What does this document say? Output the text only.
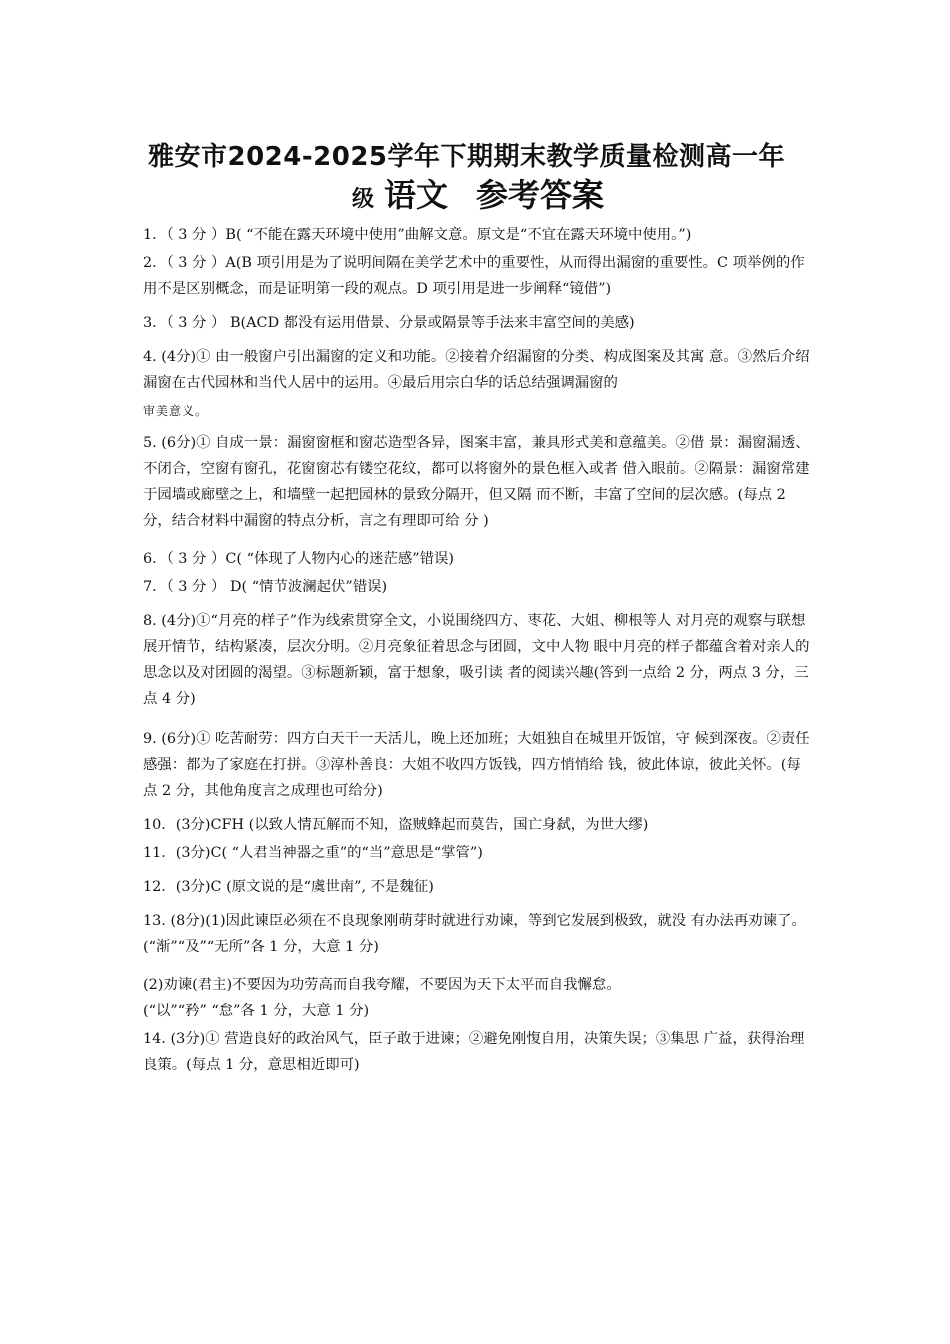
雅安市2024-2025学年下期期末教学质量检测高一年
级 语文 参考答案
1．（ 3 分 ）B( “不能在露天环境中使用”曲解文意。原文是“不宜在露天环境中使用。”)
2．（ 3 分 ）A(B 项引用是为了说明间隔在美学艺术中的重要性，从而得出漏窗的重要性。C 项举例的作用不是区别概念，而是证明第一段的观点。D 项引用是进一步阐释“镜借”)
3．（ 3 分 ） B(ACD 都没有运用借景、分景或隔景等手法来丰富空间的美感)
4. (4分)① 由一般窗户引出漏窗的定义和功能。②接着介绍漏窗的分类、构成图案及其寓 意。③然后介绍漏窗在古代园林和当代人居中的运用。④最后用宗白华的话总结强调漏窗的
审美意义。
5. (6分)① 自成一景：漏窗窗框和窗芯造型各异，图案丰富，兼具形式美和意蕴美。②借 景：漏窗漏透、不闭合，空窗有窗孔，花窗窗芯有镂空花纹，都可以将窗外的景色框入或者 借入眼前。②隔景：漏窗常建于园墙或廊壁之上，和墙壁一起把园林的景致分隔开，但又隔 而不断，丰富了空间的层次感。(每点 2 分，结合材料中漏窗的特点分析，言之有理即可给 分 )
6．（ 3 分 ）C( “体现了人物内心的迷茫感”错误)
7．（ 3 分 ） D( “情节波澜起伏”错误)
8. (4分)①“月亮的样子”作为线索贯穿全文，小说围绕四方、枣花、大姐、柳根等人 对月亮的观察与联想展开情节，结构紧凑，层次分明。②月亮象征着思念与团圆，文中人物 眼中月亮的样子都蕴含着对亲人的思念以及对团圆的渴望。③标题新颖，富于想象，吸引读 者的阅读兴趣(答到一点给 2 分，两点 3 分，三点 4 分)
9. (6分)① 吃苦耐劳：四方白天干一天活儿，晚上还加班；大姐独自在城里开饭馆，守 候到深夜。②责任感强：都为了家庭在打拼。③淳朴善良：大姐不收四方饭钱，四方悄悄给 钱，彼此体谅，彼此关怀。(每点 2 分，其他角度言之成理也可给分)
10．(3分)CFH (以致人情瓦解而不知，盗贼蜂起而莫告，国亡身弑，为世大缪)
11．(3分)C( “人君当神器之重”的“当”意思是“掌管”)
12．(3分)C (原文说的是“虞世南”, 不是魏征)
13. (8分)(1)因此谏臣必须在不良现象刚萌芽时就进行劝谏，等到它发展到极致，就没 有办法再劝谏了。(“渐”“及”“无所”各 1 分，大意 1 分)
(2)劝谏(君主)不要因为功劳高而自我夸耀，不要因为天下太平而自我懈怠。
(“以”“矜” “怠”各 1 分，大意 1 分)
14. (3分)① 营造良好的政治风气，臣子敢于进谏；②避免刚愎自用，决策失误；③集思 广益，获得治理良策。(每点 1 分，意思相近即可)
